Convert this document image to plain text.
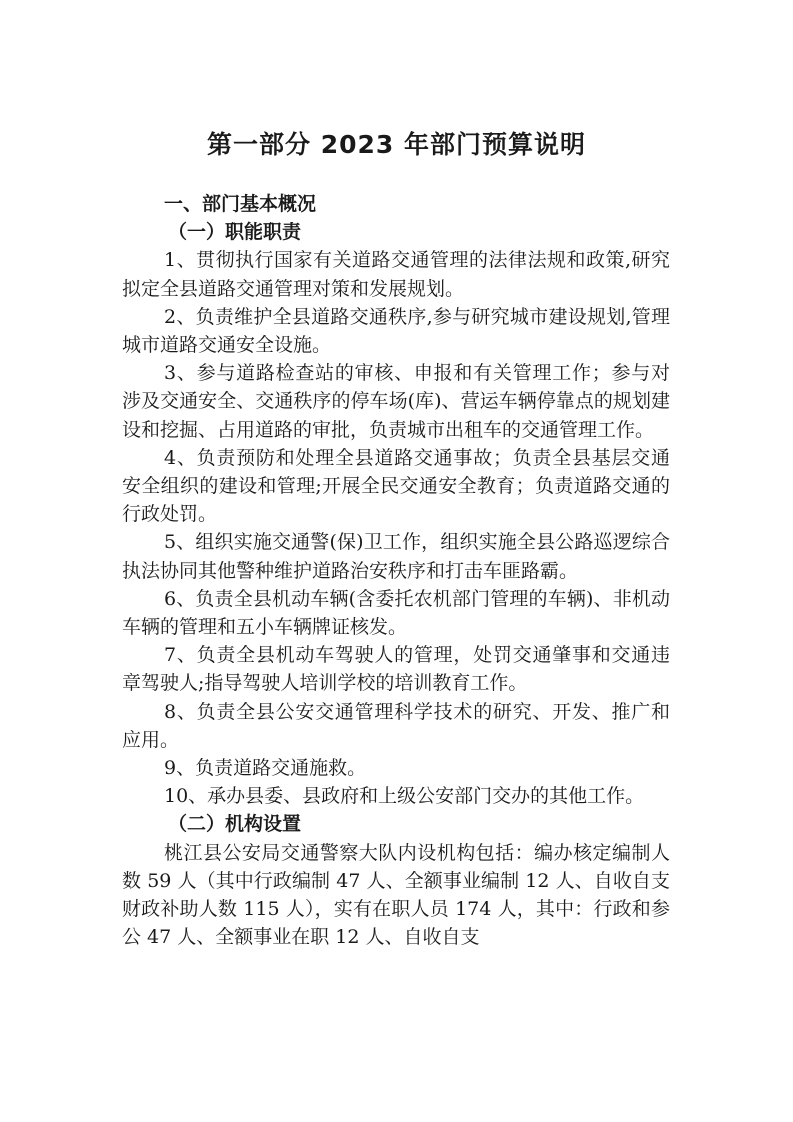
第一部分 2023 年部门预算说明

一、部门基本概况

（一）职能职责

1、贯彻执行国家有关道路交通管理的法律法规和政策,研究拟定全县道路交通管理对策和发展规划。

2、负责维护全县道路交通秩序,参与研究城市建设规划,管理城市道路交通安全设施。

3、参与道路检查站的审核、申报和有关管理工作；参与对涉及交通安全、交通秩序的停车场(库)、营运车辆停靠点的规划建设和挖掘、占用道路的审批，负责城市出租车的交通管理工作。

4、负责预防和处理全县道路交通事故；负责全县基层交通安全组织的建设和管理;开展全民交通安全教育；负责道路交通的行政处罚。

5、组织实施交通警(保)卫工作，组织实施全县公路巡逻综合执法协同其他警种维护道路治安秩序和打击车匪路霸。

6、负责全县机动车辆(含委托农机部门管理的车辆)、非机动车辆的管理和五小车辆牌证核发。

7、负责全县机动车驾驶人的管理，处罚交通肇事和交通违章驾驶人;指导驾驶人培训学校的培训教育工作。

8、负责全县公安交通管理科学技术的研究、开发、推广和应用。

9、负责道路交通施救。

10、承办县委、县政府和上级公安部门交办的其他工作。

（二）机构设置

桃江县公安局交通警察大队内设机构包括：编办核定编制人数 59 人（其中行政编制 47 人、全额事业编制 12 人、自收自支财政补助人数 115 人），实有在职人员 174 人，其中：行政和参公 47 人、全额事业在职 12 人、自收自支
